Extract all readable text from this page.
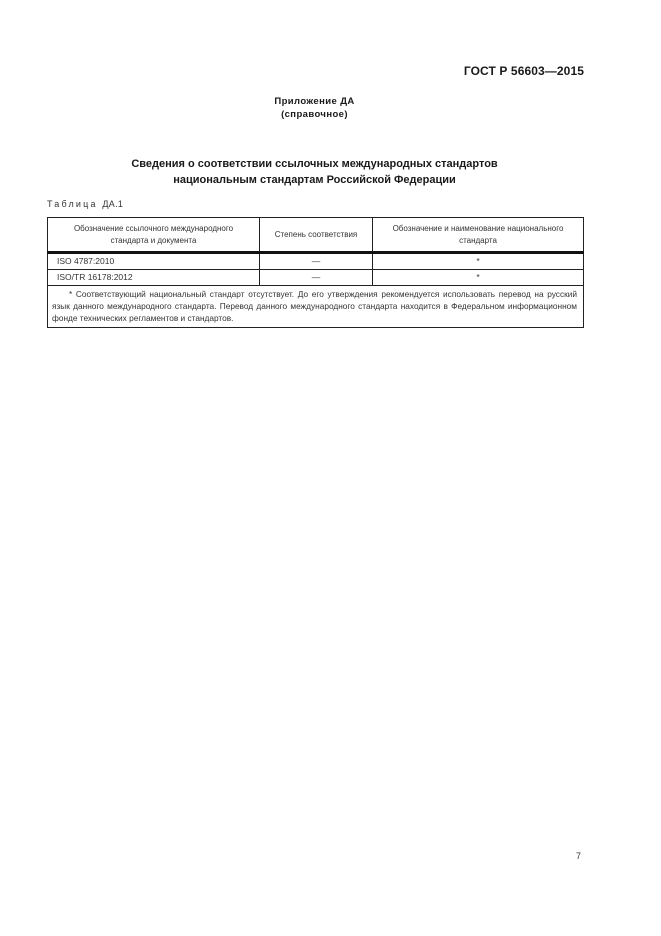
ГОСТ Р 56603—2015
Приложение ДА
(справочное)
Сведения о соответствии ссылочных международных стандартов
национальным стандартам Российской Федерации
Таблица ДА.1
Обозначение ссылочного международного стандарта и документа	Степень соответствия	Обозначение и наименование национального стандарта
ISO 4787:2010	—	*
ISO/TR 16178:2012	—	*
* Соответствующий национальный стандарт отсутствует. До его утверждения рекомендуется использовать перевод на русский язык данного международного стандарта. Перевод данного международного стандарта находится в Федеральном информационном фонде технических регламентов и стандартов.		
7
